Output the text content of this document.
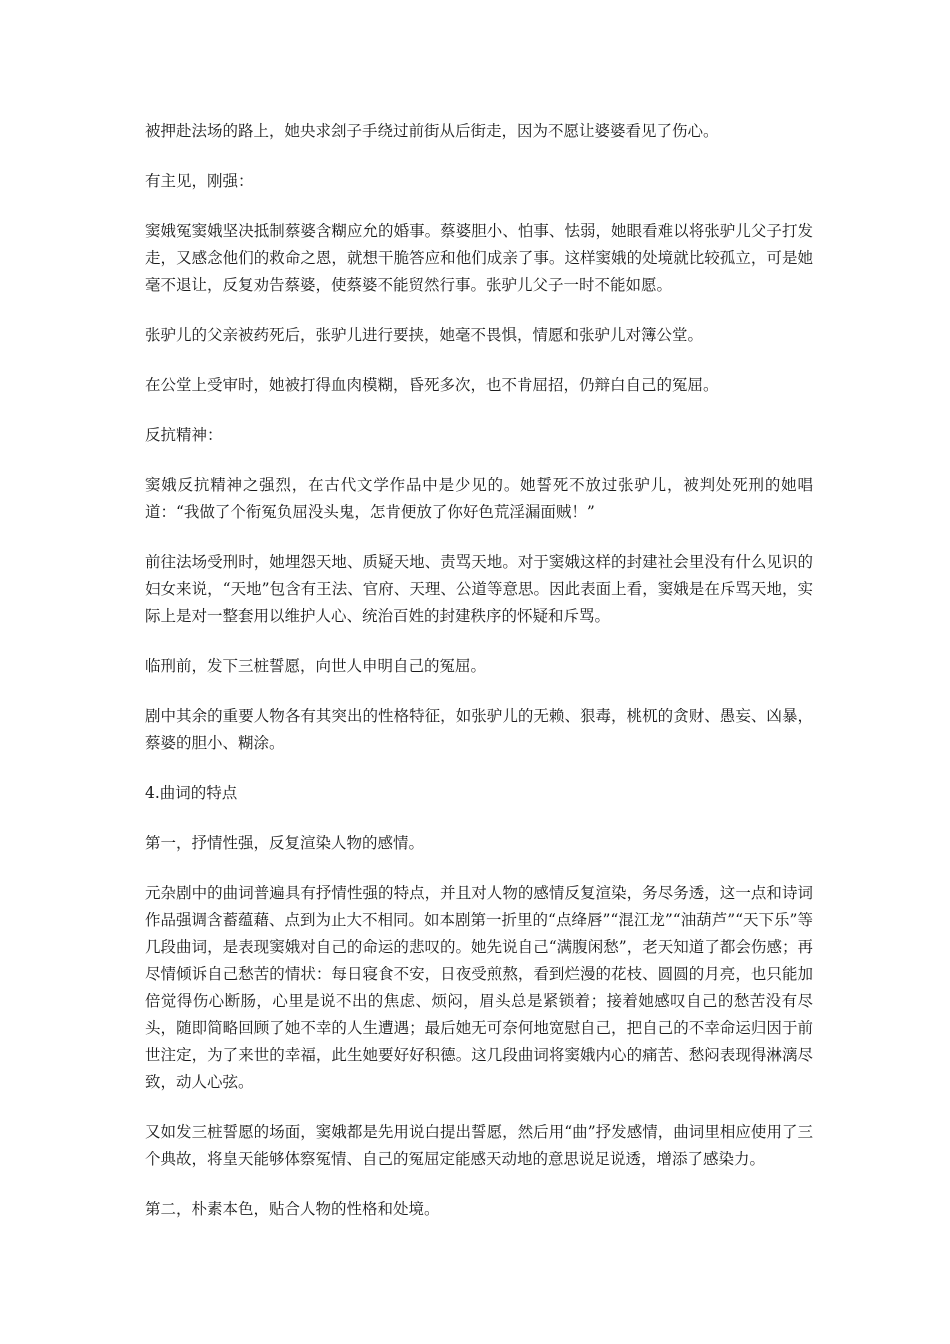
被押赴法场的路上，她央求刽子手绕过前街从后街走，因为不愿让婆婆看见了伤心。

有主见，刚强：

窦娥冤窦娥坚决抵制蔡婆含糊应允的婚事。蔡婆胆小、怕事、怯弱，她眼看难以将张驴儿父子打发走，又感念他们的救命之恩，就想干脆答应和他们成亲了事。这样窦娥的处境就比较孤立，可是她毫不退让，反复劝告蔡婆，使蔡婆不能贸然行事。张驴儿父子一时不能如愿。

张驴儿的父亲被药死后，张驴儿进行要挟，她毫不畏惧，情愿和张驴儿对簿公堂。

在公堂上受审时，她被打得血肉模糊，昏死多次，也不肯屈招，仍辩白自己的冤屈。

反抗精神：

窦娥反抗精神之强烈，在古代文学作品中是少见的。她誓死不放过张驴儿，被判处死刑的她唱道：“我做了个衔冤负屈没头鬼，怎肯便放了你好色荒淫漏面贼！”

前往法场受刑时，她埋怨天地、质疑天地、责骂天地。对于窦娥这样的封建社会里没有什么见识的妇女来说，“天地”包含有王法、官府、天理、公道等意思。因此表面上看，窦娥是在斥骂天地，实际上是对一整套用以维护人心、统治百姓的封建秩序的怀疑和斥骂。

临刑前，发下三桩誓愿，向世人申明自己的冤屈。

剧中其余的重要人物各有其突出的性格特征，如张驴儿的无赖、狠毒，桃杌的贪财、愚妄、凶暴，蔡婆的胆小、糊涂。

4.曲词的特点

第一，抒情性强，反复渲染人物的感情。

元杂剧中的曲词普遍具有抒情性强的特点，并且对人物的感情反复渲染，务尽务透，这一点和诗词作品强调含蓄蕴藉、点到为止大不相同。如本剧第一折里的“点绛唇”“混江龙”“油葫芦”“天下乐”等几段曲词，是表现窦娥对自己的命运的悲叹的。她先说自己“满腹闲愁”，老天知道了都会伤感；再尽情倾诉自己愁苦的情状：每日寝食不安，日夜受煎熬，看到烂漫的花枝、圆圆的月亮，也只能加倍觉得伤心断肠，心里是说不出的焦虑、烦闷，眉头总是紧锁着；接着她感叹自己的愁苦没有尽头，随即简略回顾了她不幸的人生遭遇；最后她无可奈何地宽慰自己，把自己的不幸命运归因于前世注定，为了来世的幸福，此生她要好好积德。这几段曲词将窦娥内心的痛苦、愁闷表现得淋漓尽致，动人心弦。

又如发三桩誓愿的场面，窦娥都是先用说白提出誓愿，然后用“曲”抒发感情，曲词里相应使用了三个典故，将皇天能够体察冤情、自己的冤屈定能感天动地的意思说足说透，增添了感染力。

第二，朴素本色，贴合人物的性格和处境。
